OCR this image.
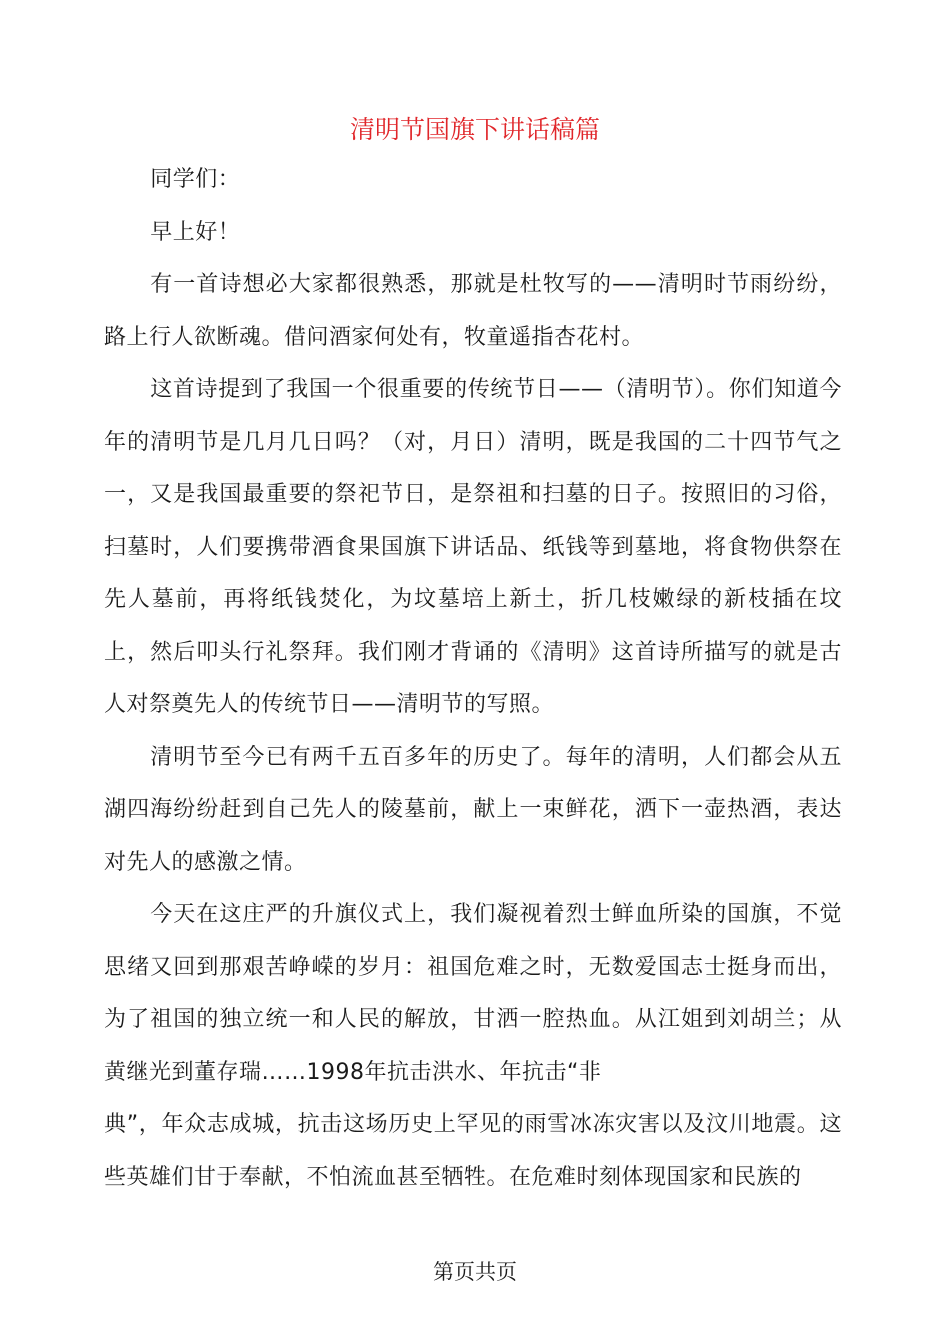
清明节国旗下讲话稿篇

同学们：

早上好！

有一首诗想必大家都很熟悉，那就是杜牧写的——清明时节雨纷纷，路上行人欲断魂。借问酒家何处有，牧童遥指杏花村。

这首诗提到了我国一个很重要的传统节日——（清明节）。你们知道今年的清明节是几月几日吗？（对，月日）清明，既是我国的二十四节气之一，又是我国最重要的祭祀节日，是祭祖和扫墓的日子。按照旧的习俗，扫墓时，人们要携带酒食果国旗下讲话品、纸钱等到墓地，将食物供祭在先人墓前，再将纸钱焚化，为坟墓培上新土，折几枝嫩绿的新枝插在坟上，然后叩头行礼祭拜。我们刚才背诵的《清明》这首诗所描写的就是古人对祭奠先人的传统节日——清明节的写照。

清明节至今已有两千五百多年的历史了。每年的清明，人们都会从五湖四海纷纷赶到自己先人的陵墓前，献上一束鲜花，洒下一壶热酒，表达对先人的感激之情。

今天在这庄严的升旗仪式上，我们凝视着烈士鲜血所染的国旗，不觉思绪又回到那艰苦峥嵘的岁月：祖国危难之时，无数爱国志士挺身而出，为了祖国的独立统一和人民的解放，甘洒一腔热血。从江姐到刘胡兰；从黄继光到董存瑞……1998年抗击洪水、年抗击“非

典”，年众志成城，抗击这场历史上罕见的雨雪冰冻灾害以及汶川地震。这些英雄们甘于奉献，不怕流血甚至牺牲。在危难时刻体现国家和民族的

第页共页
